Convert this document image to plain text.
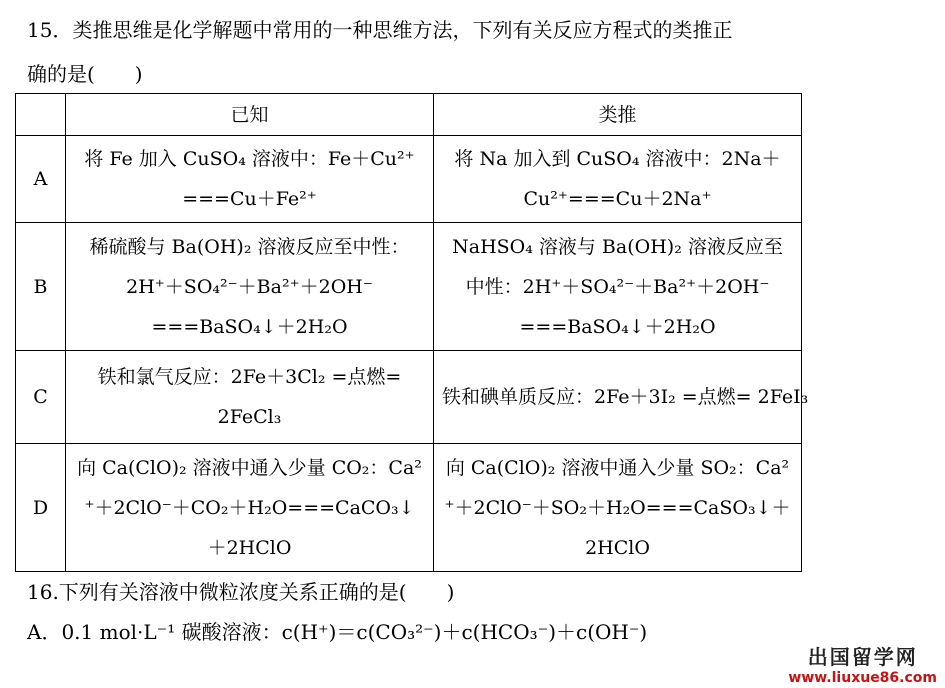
15．类推思维是化学解题中常用的一种思维方法，下列有关反应方程式的类推正
确的是(　　)
	已知	类推
A	将 Fe 加入 CuSO₄ 溶液中：Fe＋Cu²⁺
===Cu＋Fe²⁺	将 Na 加入到 CuSO₄ 溶液中：2Na＋
Cu²⁺===Cu＋2Na⁺

B	稀硫酸与 Ba(OH)₂ 溶液反应至中性：
2H⁺＋SO₄²⁻＋Ba²⁺＋2OH⁻
===BaSO₄↓＋2H₂O	NaHSO₄ 溶液与 Ba(OH)₂ 溶液反应至
中性：2H⁺＋SO₄²⁻＋Ba²⁺＋2OH⁻
===BaSO₄↓＋2H₂O

C	铁和氯气反应：2Fe＋3Cl₂ =点燃=
2FeCl₃	铁和碘单质反应：2Fe＋3I₂ =点燃= 2FeI₃

D	向 Ca(ClO)₂ 溶液中通入少量 CO₂：Ca²
⁺＋2ClO⁻＋CO₂＋H₂O===CaCO₃↓
＋2HClO	向 Ca(ClO)₂ 溶液中通入少量 SO₂：Ca²
⁺＋2ClO⁻＋SO₂＋H₂O===CaSO₃↓＋
2HClO
16.下列有关溶液中微粒浓度关系正确的是(　　)
A．0.1 mol·L⁻¹ 碳酸溶液：c(H⁺)＝c(CO₃²⁻)＋c(HCO₃⁻)＋c(OH⁻)
出国留学网
www.liuxue86.com
